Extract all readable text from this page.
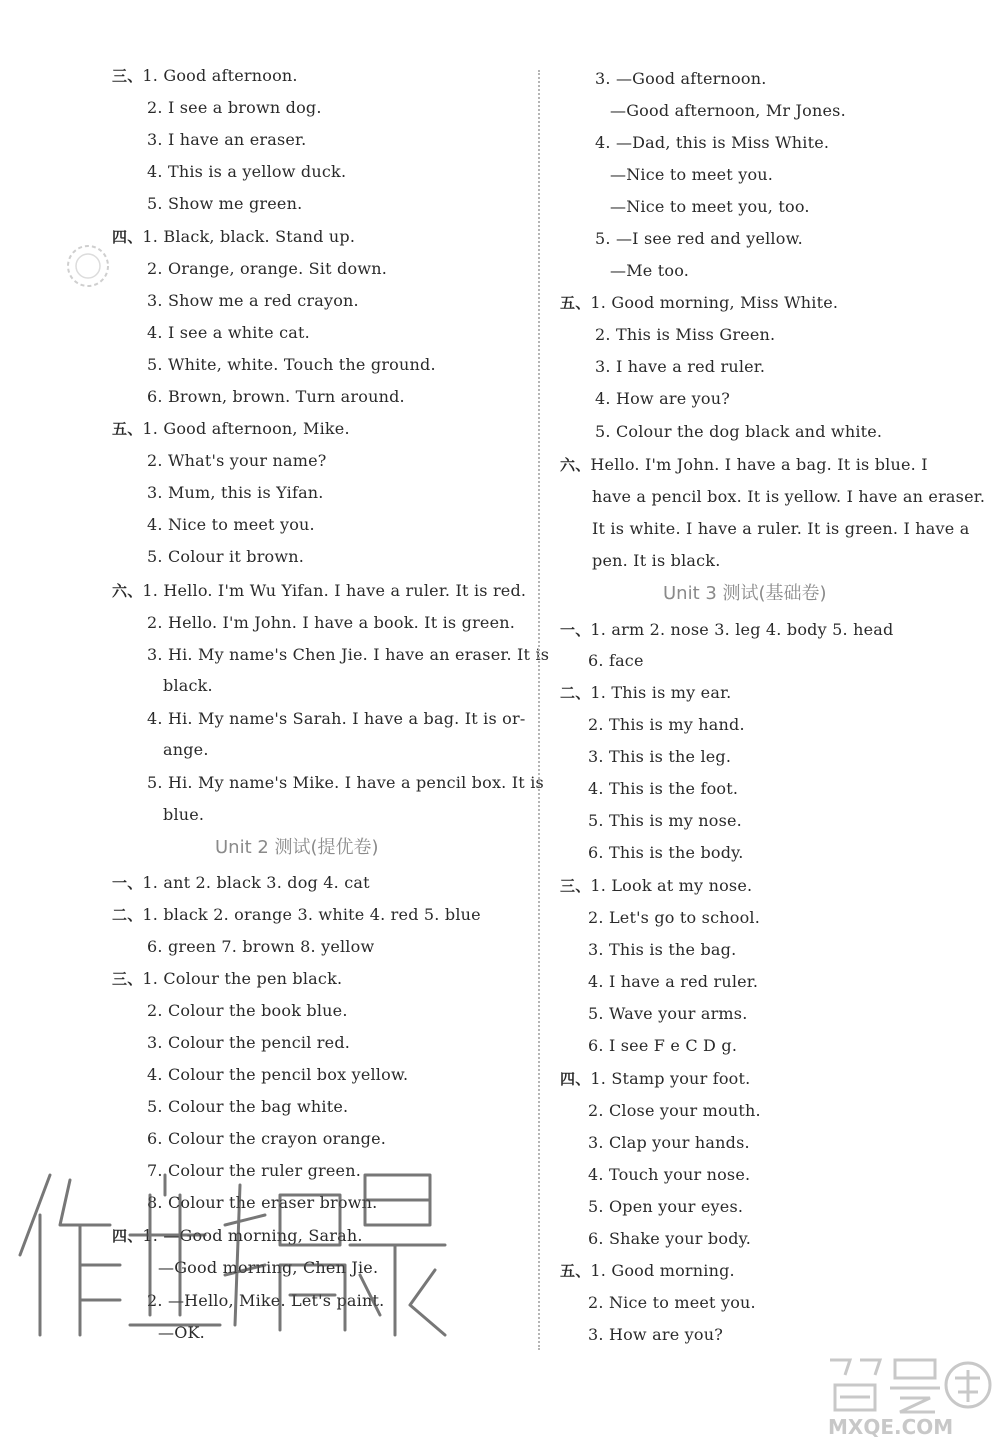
三、1. Good afternoon.
2. I see a brown dog.
3. I have an eraser.
4. This is a yellow duck.
5. Show me green.
四、1. Black, black. Stand up.
2. Orange, orange. Sit down.
3. Show me a red crayon.
4. I see a white cat.
5. White, white. Touch the ground.
6. Brown, brown. Turn around.
五、1. Good afternoon, Mike.
2. What's your name?
3. Mum, this is Yifan.
4. Nice to meet you.
5. Colour it brown.
六、1. Hello. I'm Wu Yifan. I have a ruler. It is red.
2. Hello. I'm John. I have a book. It is green.
3. Hi. My name's Chen Jie. I have an eraser. It is
black.
4. Hi. My name's Sarah. I have a bag. It is or-
ange.
5. Hi. My name's Mike. I have a pencil box. It is
blue.
Unit 2 测试(提优卷)
一、1. ant 2. black 3. dog 4. cat
二、1. black 2. orange 3. white 4. red 5. blue
6. green 7. brown 8. yellow
三、1. Colour the pen black.
2. Colour the book blue.
3. Colour the pencil red.
4. Colour the pencil box yellow.
5. Colour the bag white.
6. Colour the crayon orange.
7. Colour the ruler green.
8. Colour the eraser brown.
四、1. —Good morning, Sarah.
—Good morning, Chen Jie.
2. —Hello, Mike. Let's paint.
—OK.
3. —Good afternoon.
—Good afternoon, Mr Jones.
4. —Dad, this is Miss White.
—Nice to meet you.
—Nice to meet you, too.
5. —I see red and yellow.
—Me too.
五、1. Good morning, Miss White.
2. This is Miss Green.
3. I have a red ruler.
4. How are you?
5. Colour the dog black and white.
六、Hello. I'm John. I have a bag. It is blue. I
have a pencil box. It is yellow. I have an eraser.
It is white. I have a ruler. It is green. I have a
pen. It is black.
Unit 3 测试(基础卷)
一、1. arm 2. nose 3. leg 4. body 5. head
6. face
二、1. This is my ear.
2. This is my hand.
3. This is the leg.
4. This is the foot.
5. This is my nose.
6. This is the body.
三、1. Look at my nose.
2. Let's go to school.
3. This is the bag.
4. I have a red ruler.
5. Wave your arms.
6. I see F e C D g.
四、1. Stamp your foot.
2. Close your mouth.
3. Clap your hands.
4. Touch your nose.
5. Open your eyes.
6. Shake your body.
五、1. Good morning.
2. Nice to meet you.
3. How are you?
MXQE.COM
